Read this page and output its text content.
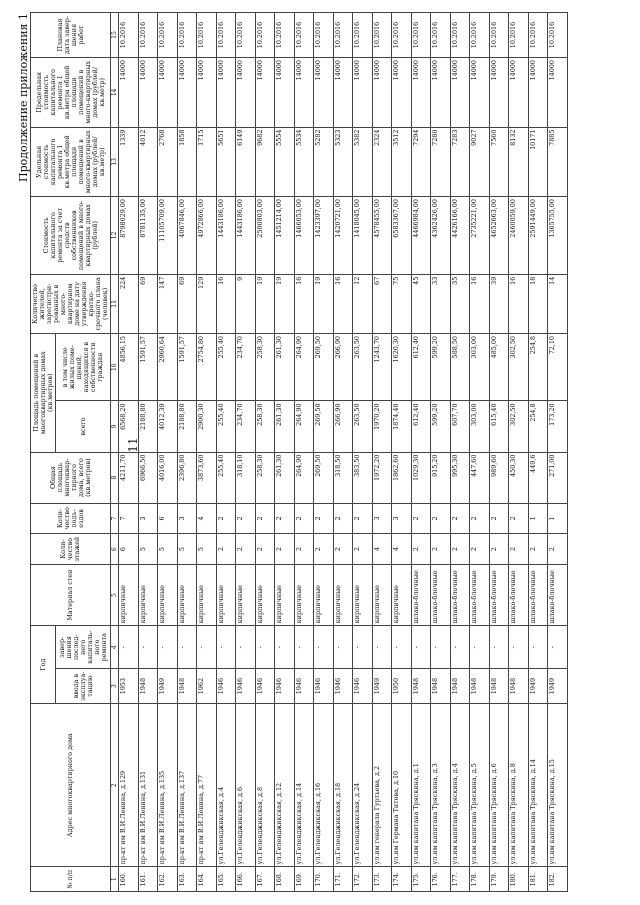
11
Продолжение приложения 1
№ п/п	Адрес многоквартирного дома	Год		Материал стен	Коли-чество этажей	Коли-чество подъ-ездов	Общая площадь многоквар-тирного дома, всего (кв.метров)	Площадь помещений в многоквартирных домах (кв.метров)		Количество жителей, зарегистри-рованных в много-квартирном доме на дату утверждения кратко-срочного плана (человек)	Стоимость капитального ремонта за счет средств собственников помещений в много-квартирных домах (рублей)	Удельная стоимость капитального ремонта 1 кв.метра общей площади помещений в много-квартирных домах (рублей/кв.метр)	Предельная стоимость капитального ремонта 1 кв.метра общей площади помещений в много-квартирных домах (рублей/кв.метр)	Плановая дата завер-шения работ
		ввода в эксплуа-тацию	завер-шения послед-него капиталь-ного ремонта					всего	в том числе жилых поме-щений, находящихся в собственности граждан					
1	2	3	4	5	6	7	8	9	10	11	12	13	14	15
160.	пр-кт им В.И.Ленина, д.129	1953	-	кирпичные	6	7	4211,70	6568,20	4856,15	224	8798029,00	1339	14000	10.2016
161.	пр-кт им В.И.Ленина, д.131	1948	-	кирпичные	5	3	6966,50	2188,80	1591,57	69	8781135,00	4012	14000	10.2016
162.	пр-кт им В.И.Ленина, д.135	1949	-	кирпичные	5	6	4016,00	4012,39	2960,64	147	11105709,00	2768	14000	10.2016
163.	пр-кт им В.И.Ленина, д.137	1948	-	кирпичные	5	3	2396,80	2188,80	1591,57	69	4067846,00	1858	14000	10.2016
164.	пр-кт им В.И.Ленина, д.77	1962	-	кирпичные	5	4	3873,60	2900,30	2754,80	129	4972866,00	1715	14000	10.2016
165.	ул.Геленджикская, д.4	1946	-	кирпичные	2	2	255,40	255,40	255,40	16	1443186,00	5651	14000	10.2016
166.	ул.Геленджикская, д.6	1946	-	кирпичные	2	2	318,10	234,70	234,70	9	1443186,00	6149	14000	10.2016
167.	ул.Геленджикская, д.8	1946	-	кирпичные	2	2	258,30	258,30	258,30	19	2500803,00	9682	14000	10.2016
168.	ул.Геленджикская, д.12	1946	-	кирпичные	2	2	261,30	261,30	261,30	19	1451214,00	5554	14000	10.2016
169.	ул.Геленджикская, д.14	1946	-	кирпичные	2	2	264,90	264,90	264,90	16	1466053,00	5534	14000	10.2016
170.	ул.Геленджикская, д.16	1946	-	кирпичные	2	2	269,50	269,50	269,50	19	1423397,00	5282	14000	10.2016
171.	ул.Геленджикская, д.18	1946	-	кирпичные	2	2	318,50	266,90	266,90	16	1420721,00	5323	14000	10.2016
172.	ул.Геленджикская, д.24	1946	-	кирпичные	2	2	383,50	263,50	263,50	12	1418045,00	5382	14000	10.2016
173.	ул.им генерала Гуртьева, д.2	1949	-	кирпичные	4	3	1972,20	1970,20	1243,70	67	4578455,00	2324	14000	10.2016
174.	ул.им Германа Титова, д.10	1950	-	кирпичные	4	3	1862,60	1874,40	1620,30	75	6583367,00	3512	14000	10.2016
175.	ул.им капитана Тряскина, д.1	1948	-	шлако-блочные	2	2	1029,30	612,40	612,40	45	4466984,00	7294	14000	10.2016
176.	ул.им капитана Тряскина, д.3	1948	-	шлако-блочные	2	2	915,20	599,20	599,20	33	4362426,00	7280	14000	10.2016
177.	ул.им капитана Тряскина, д.4	1948	-	шлако-блочные	2	2	995,30	607,70	588,50	35	4426166,00	7283	14000	10.2016
178.	ул.им капитана Тряскина, д.5	1948	-	шлако-блочные	2	2	447,60	303,00	303,00	16	2735221,00	9027	14000	10.2016
179.	ул.им капитана Тряскина, д.6	1948	-	шлако-блочные	2	2	989,60	615,40	485,00	39	4652663,00	7560	14000	10.2016
180.	ул.им капитана Тряскина, д.8	1948	-	шлако-блочные	2	2	450,30	302,50	302,50	16	2460059,00	8132	14000	10.2016
181.	ул.им капитана Тряскина, д.14	1949	-	шлако-блочные	2	1	449,6	254,8	254,8	18	2591449,00	10171	14000	10.2016
182.	ул.им капитана Тряскина, д.15	1949	-	шлако-блочные	2	1	271,00	173,20	72,10	14	1365755,00	7885	14000	10.2016
